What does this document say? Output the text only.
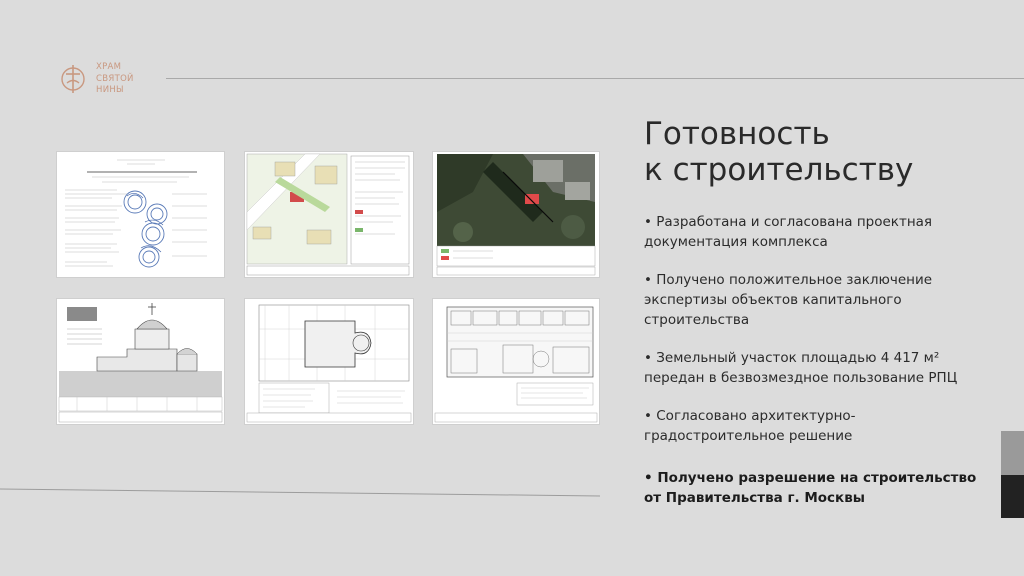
ХРАМ
СВЯТОЙ
НИНЫ
Готовность
к строительству
• Разработана и согласована проектная
документация комплекса
• Получено положительное заключение
экспертизы объектов капитального
строительства
• Земельный участок площадью 4 417 м²
передан в безвозмездное пользование РПЦ
• Согласовано архитектурно-
градостроительное решение
• Получено разрешение на строительство
от Правительства г. Москвы
